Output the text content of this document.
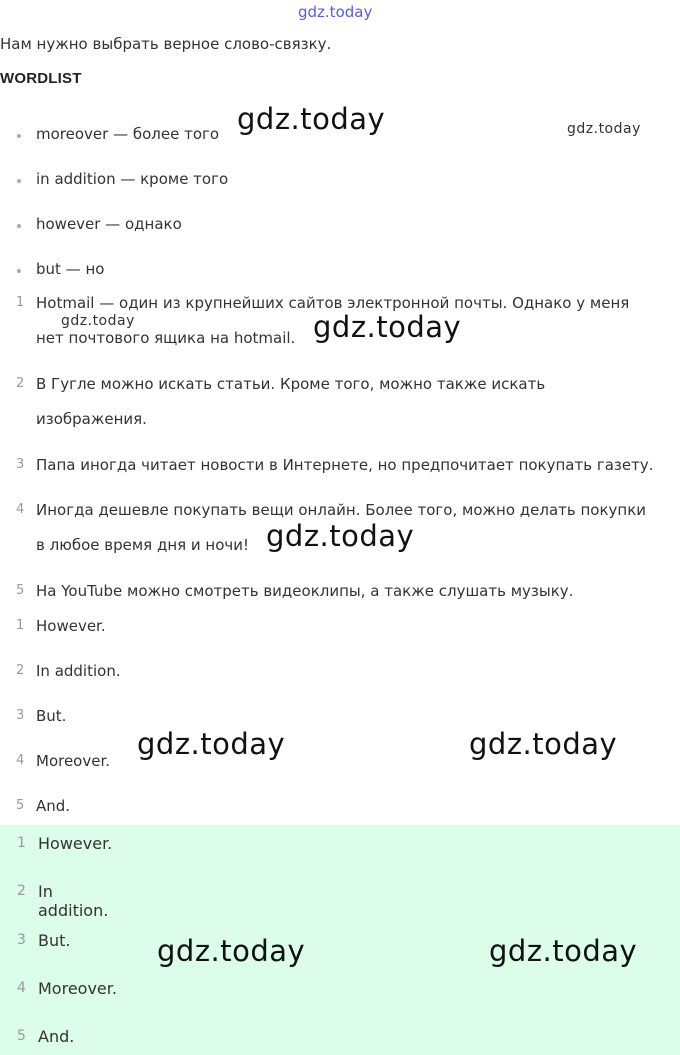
gdz.today
Нам нужно выбрать верное слово-связку.
WORDLIST
moreover — более того
in addition — кроме того
however — однако
but — но
1 Hotmail — один из крупнейших сайтов электронной почты. Однако у меня
нет почтового ящика на hotmail.
2 В Гугле можно искать статьи. Кроме того, можно также искать
изображения.
3 Папа иногда читает новости в Интернете, но предпочитает покупать газету.
4 Иногда дешевле покупать вещи онлайн. Более того, можно делать покупки
в любое время дня и ночи!
5 На YouTube можно смотреть видеоклипы, а также слушать музыку.
1 However.
2 In addition.
3 But.
4 Moreover.
5 And.
1 However.
2 In addition.
3 But.
4 Moreover.
5 And.
gdz.today	gdz.today
gdz.today	gdz.today
gdz.today
gdz.today	gdz.today
gdz.today	gdz.today
